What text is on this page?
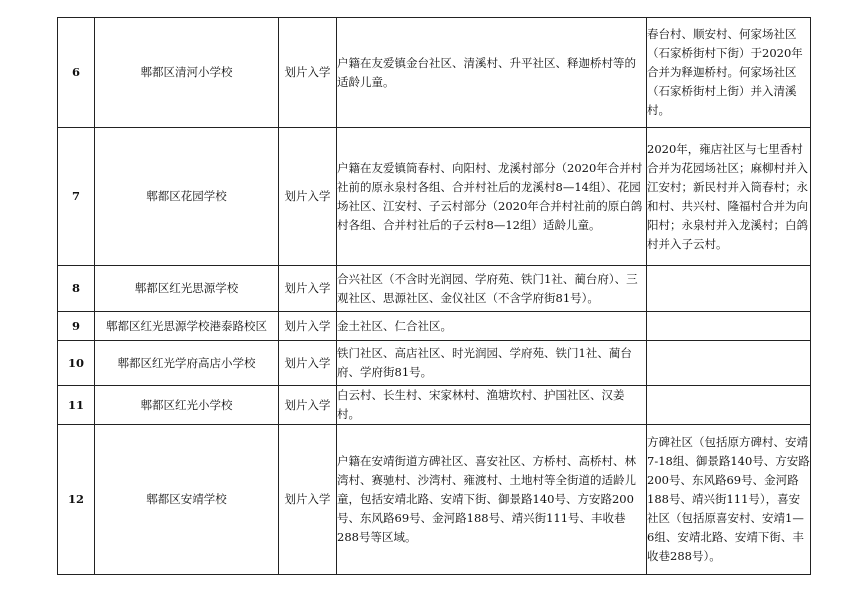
6	郫都区清河小学校	划片入学	户籍在友爱镇金台社区、清溪村、升平社区、释迦桥村等的适龄儿童。	春台村、顺安村、何家场社区（石家桥街村下街）于2020年合并为释迦桥村。何家场社区（石家桥街村上街）并入清溪村。
7	郫都区花园学校	划片入学	户籍在友爱镇筒春村、向阳村、龙溪村部分（2020年合并村社前的原永泉村各组、合并村社后的龙溪村8—14组）、花园场社区、江安村、子云村部分（2020年合并村社前的原白鸽村各组、合并村社后的子云村8—12组）适龄儿童。	2020年，雍店社区与七里香村合并为花园场社区；麻柳村并入江安村；新民村并入筒春村；永和村、共兴村、隆福村合并为向阳村；永泉村并入龙溪村；白鸽村并入子云村。
8	郫都区红光思源学校	划片入学	合兴社区（不含时光润园、学府苑、铁门1社、蔺台府）、三观社区、思源社区、金仪社区（不含学府街81号）。	
9	郫都区红光思源学校港泰路校区	划片入学	金土社区、仁合社区。	
10	郫都区红光学府高店小学校	划片入学	铁门社区、高店社区、时光润园、学府苑、铁门1社、蔺台府、学府街81号。	
11	郫都区红光小学校	划片入学	白云村、长生村、宋家林村、渔塘坎村、护国社区、汉姜村。	
12	郫都区安靖学校	划片入学	户籍在安靖街道方碑社区、喜安社区、方桥村、高桥村、林湾村、赛驰村、沙湾村、雍渡村、土地村等全街道的适龄儿童，包括安靖北路、安靖下街、御景路140号、方安路200号、东风路69号、金河路188号、靖兴街111号、丰收巷288号等区域。	方碑社区（包括原方碑村、安靖7-18组、御景路140号、方安路200号、东风路69号、金河路188号、靖兴街111号），喜安社区（包括原喜安村、安靖1—6组、安靖北路、安靖下街、丰收巷288号）。
